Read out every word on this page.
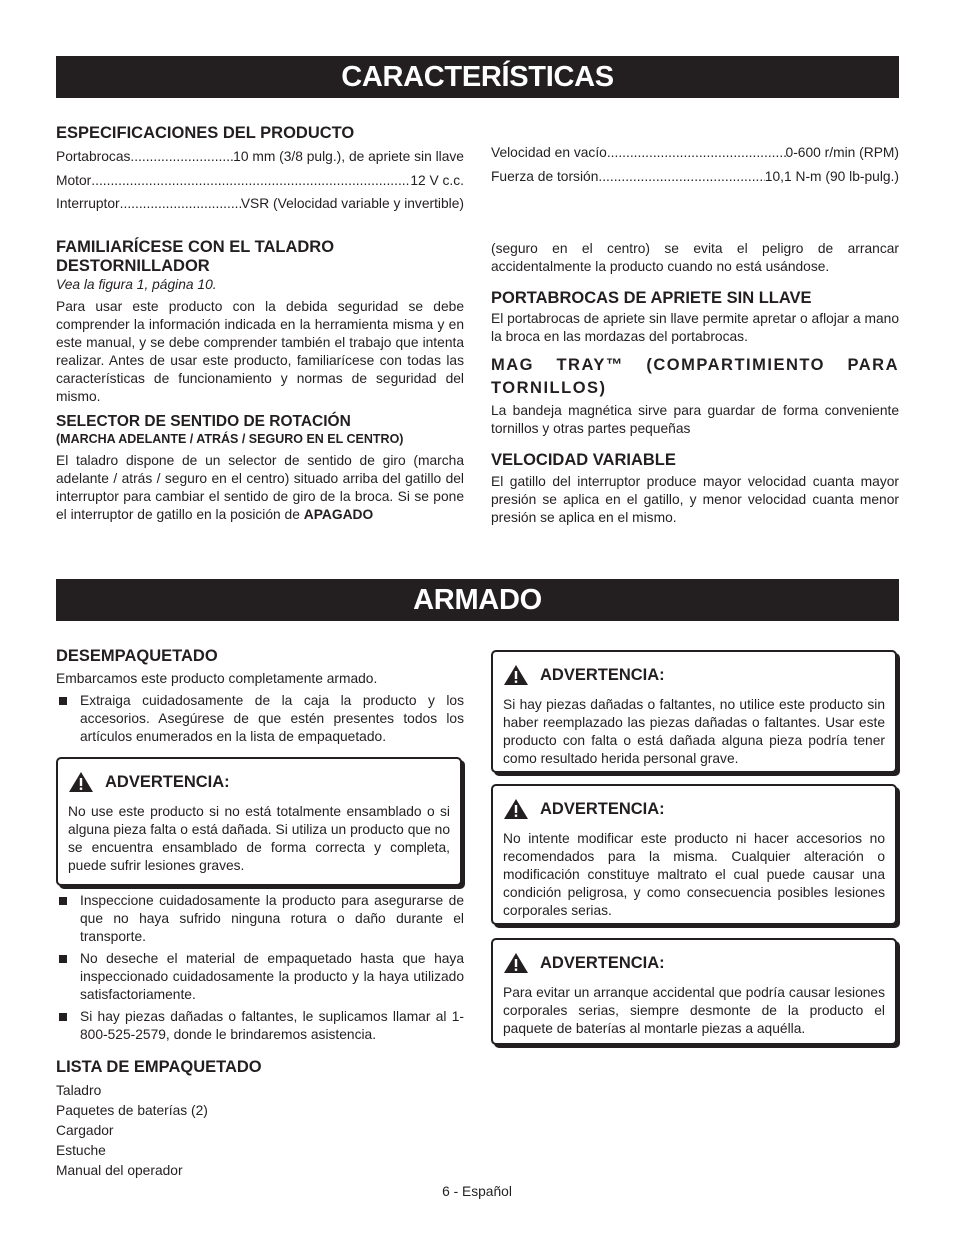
CARACTERÍSTICAS

ESPECIFICACIONES DEL PRODUCTO

Portabrocas .....	10 mm (3/8 pulg.), de apriete sin llave
Motor .....	12 V c.c.
Interruptor .....	VSR (Velocidad variable y invertible)

FAMILIARÍCESE CON EL TALADRO DESTORNILLADOR

Vea la figura 1, página 10.

Para usar este producto con la debida seguridad se debe comprender la información indicada en la herramienta misma y en este manual, y se debe comprender también el trabajo que intenta realizar. Antes de usar este producto, familiarícese con todas las características de funcionamiento y normas de seguridad del mismo.

SELECTOR DE SENTIDO DE ROTACIÓN

(MARCHA ADELANTE / ATRÁS / SEGURO EN EL CENTRO)

El taladro dispone de un selector de sentido de giro (marcha adelante / atrás / seguro en el centro) situado arriba del gatillo del interruptor para cambiar el sentido de giro de la broca. Si se pone el interruptor de gatillo en la posición de APAGADO

Velocidad en vacío .....	0-600 r/min (RPM)
Fuerza de torsión .....	10,1 N-m (90 lb-pulg.)

(seguro en el centro) se evita el peligro de arrancar accidentalmente la producto cuando no está usándose.

PORTABROCAS DE APRIETE SIN LLAVE

El portabrocas de apriete sin llave permite apretar o aflojar a mano la broca en las mordazas del portabrocas.

MAG TRAY™ (COMPARTIMIENTO PARA TORNILLOS)

La bandeja magnética sirve para guardar de forma conveniente tornillos y otras partes pequeñas

VELOCIDAD VARIABLE

El gatillo del interruptor produce mayor velocidad cuanta mayor presión se aplica en el gatillo, y menor velocidad cuanta menor presión se aplica en el mismo.

ARMADO

DESEMPAQUETADO

Embarcamos este producto completamente armado.

Extraiga cuidadosamente de la caja la producto y los accesorios. Asegúrese de que estén presentes todos los artículos enumerados en la lista de empaquetado.
ADVERTENCIA:

No use este producto si no está totalmente ensamblado o si alguna pieza falta o está dañada. Si utiliza un producto que no se encuentra ensamblado de forma correcta y completa, puede sufrir lesiones graves.

Inspeccione cuidadosamente la producto para asegurarse de que no haya sufrido ninguna rotura o daño durante el transporte.
No deseche el material de empaquetado hasta que haya inspeccionado cuidadosamente la producto y la haya utilizado satisfactoriamente.
Si hay piezas dañadas o faltantes, le suplicamos llamar al 1-800-525-2579, donde le brindaremos asistencia.

LISTA DE EMPAQUETADO

Taladro
Paquetes de baterías (2)
Cargador
Estuche
Manual del operador
ADVERTENCIA:

Si hay piezas dañadas o faltantes, no utilice este producto sin haber reemplazado las piezas dañadas o faltantes. Usar este producto con falta o está dañada alguna pieza podría tener como resultado herida personal grave.

ADVERTENCIA:

No intente modificar este producto ni hacer accesorios no recomendados para la misma. Cualquier alteración o modificación constituye maltrato el cual puede causar una condición peligrosa, y como consecuencia posibles lesiones corporales serias.

ADVERTENCIA:

Para evitar un arranque accidental que podría causar lesiones corporales serias, siempre desmonte de la producto el paquete de baterías al montarle piezas a aquélla.

6 - Español
